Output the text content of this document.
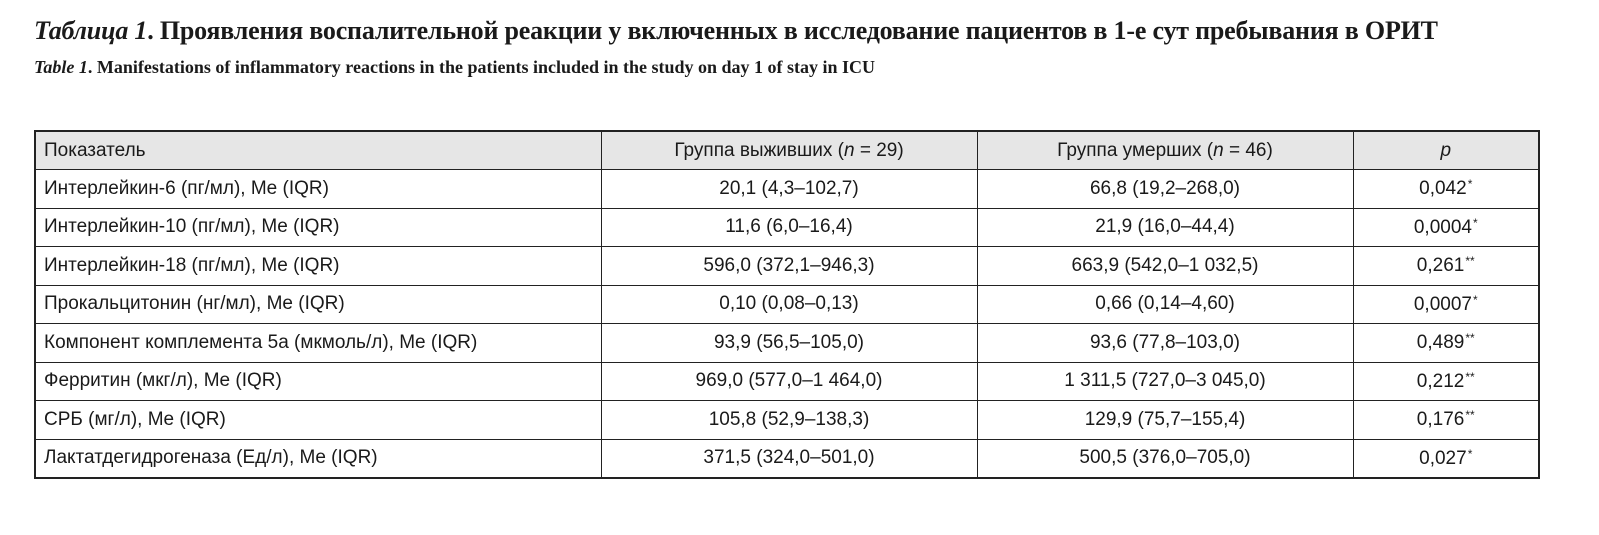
Таблица 1. Проявления воспалительной реакции у включенных в исследование пациентов в 1-е сут пребывания в ОРИТ
Table 1. Manifestations of inflammatory reactions in the patients included in the study on day 1 of stay in ICU
Показатель	Группа выживших (n = 29)	Группа умерших (n = 46)	p
Интерлейкин-6 (пг/мл), Me (IQR)	20,1 (4,3–102,7)	66,8 (19,2–268,0)	0,042*
Интерлейкин-10 (пг/мл), Me (IQR)	11,6 (6,0–16,4)	21,9 (16,0–44,4)	0,0004*
Интерлейкин-18 (пг/мл), Me (IQR)	596,0 (372,1–946,3)	663,9 (542,0–1 032,5)	0,261**
Прокальцитонин (нг/мл), Me (IQR)	0,10 (0,08–0,13)	0,66 (0,14–4,60)	0,0007*
Компонент комплемента 5а (мкмоль/л), Me (IQR)	93,9 (56,5–105,0)	93,6 (77,8–103,0)	0,489**
Ферритин (мкг/л), Me (IQR)	969,0 (577,0–1 464,0)	1 311,5 (727,0–3 045,0)	0,212**
СРБ (мг/л), Me (IQR)	105,8 (52,9–138,3)	129,9 (75,7–155,4)	0,176**
Лактатдегидрогеназа (Ед/л), Me (IQR)	371,5 (324,0–501,0)	500,5 (376,0–705,0)	0,027*
